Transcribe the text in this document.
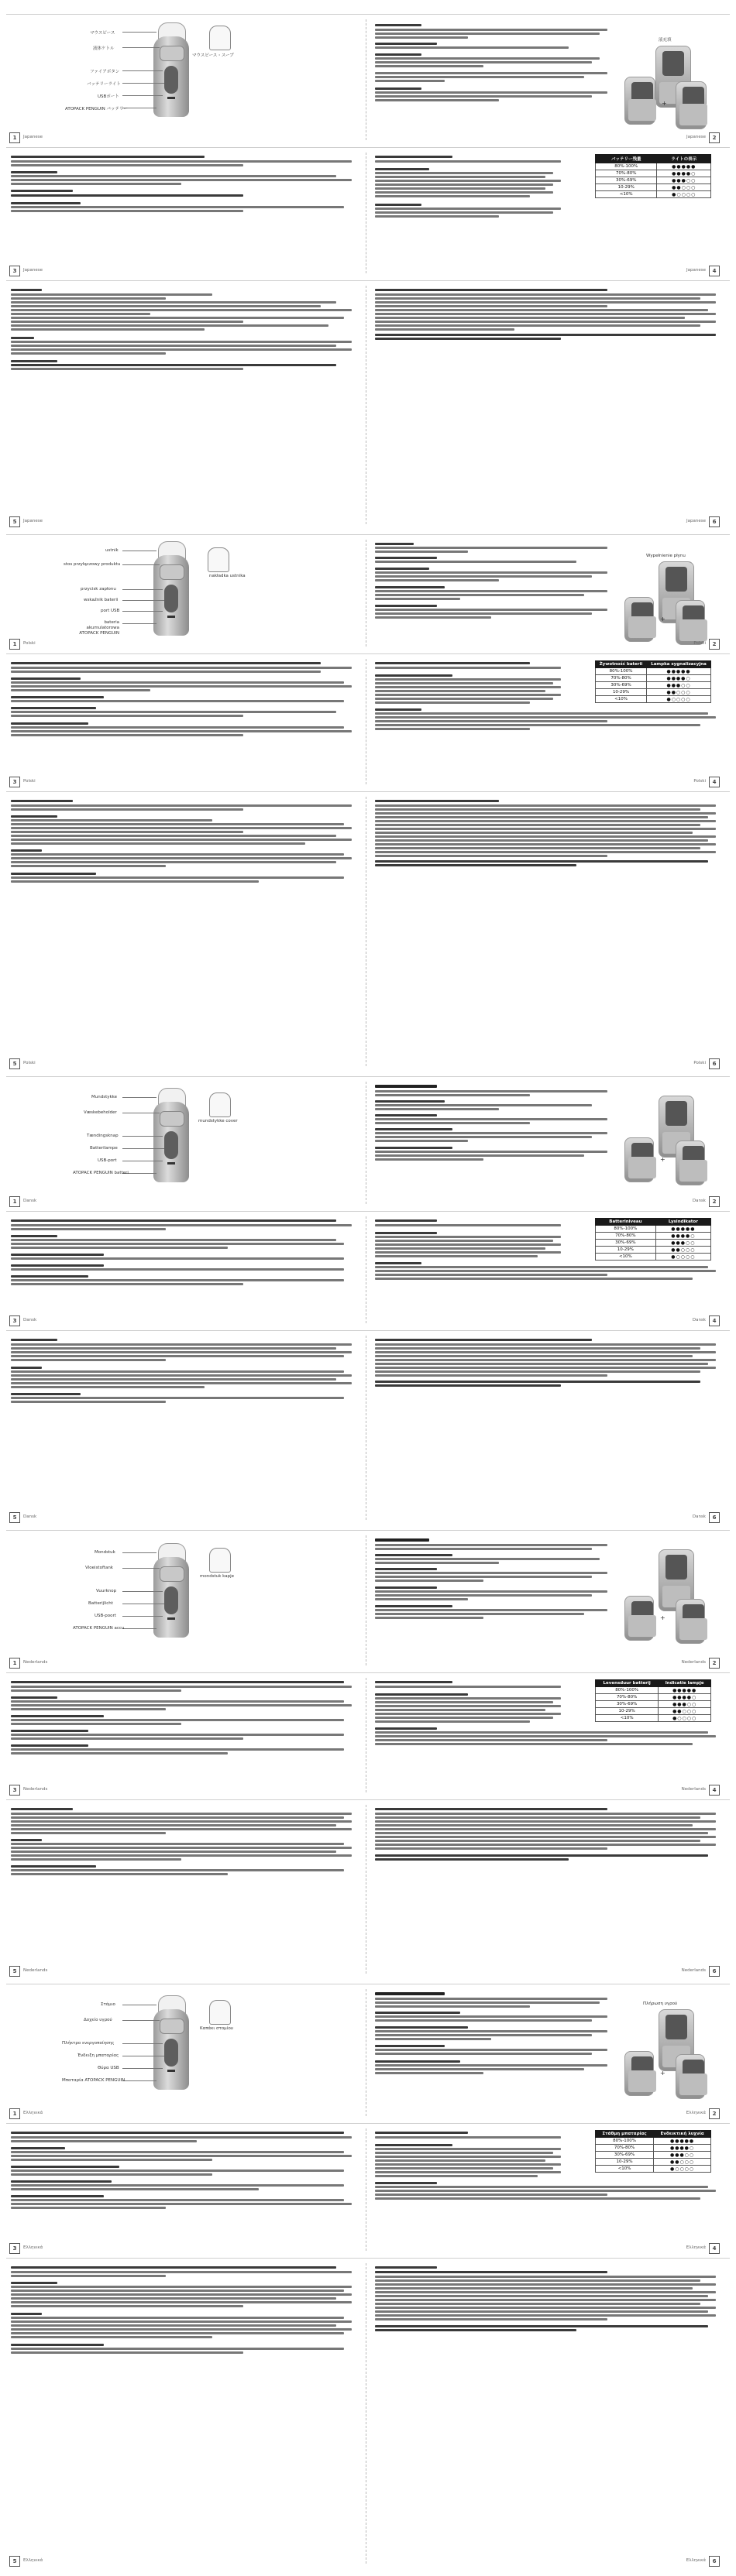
マウスピース
液体ケトル
ファイアボタン
バッテリーライト
USBポート
ATOPACK PENGUIN バッテリー
マウスピース・スープ
1	Japanese
液充填
+
2
Japanese
3	Japanese
バッテリー残量	ライトの表示
80%-100%	●●●●●
70%-80%	●●●●○
30%-69%	●●●○○
10-29%	●●○○○
<10%	●○○○○
4
Japanese
5	Japanese	6
Japanese
ustnik
stos przyłączowy produktu
przycisk zapłonu
wskaźnik baterii
port USB
bateria akumulatorowa ATOPACK PENGUIN
nakładka ustnika
1	Polski
Wypełnienie płynu
+
2
Polski
3	Polski
Żywotność baterii	Lampka sygnalizacyjna
80%-100%	●●●●●
70%-80%	●●●●○
30%-69%	●●●○○
10-29%	●●○○○
<10%	●○○○○
4
Polski
5	Polski	6
Polski
Mundstykke
Væskebeholder
Tændingsknap
Batterilampe
USB-port
ATOPACK PENGUIN batteri
mundstykke cover
1	Dansk
+
2
Dansk
3	Dansk
Batteriniveau	Lysindikator
80%-100%	●●●●●
70%-80%	●●●●○
30%-69%	●●●○○
10-29%	●●○○○
<10%	●○○○○
4
Dansk
5	Dansk	6
Dansk
Mondstuk
Vloeistoftank
Vuurknop
Batterijlicht
USB-poort
ATOPACK PENGUIN accu
mondstuk kapje
1	Nederlands
+
2
Nederlands
3	Nederlands
Levensduur batterij	Indicatie lampje
80%-100%	●●●●●
70%-80%	●●●●○
30%-69%	●●●○○
10-29%	●●○○○
<10%	●○○○○
4
Nederlands
5	Nederlands	6
Nederlands
Στόμιο
Δοχείο υγρού
Πλήκτρο ενεργοποίησης
Ένδειξη μπαταρίας
Θύρα USB
Μπαταρία ATOPACK PENGUIN
Καπάκι στομίου
1	Ελληνικά
Πλήρωση υγρού
+
2
Ελληνικά
3	Ελληνικά
Στάθμη μπαταρίας	Ενδεικτική λυχνία
80%-100%	●●●●●
70%-80%	●●●●○
30%-69%	●●●○○
10-29%	●●○○○
<10%	●○○○○
4
Ελληνικά
5	Ελληνικά	6
Ελληνικά
